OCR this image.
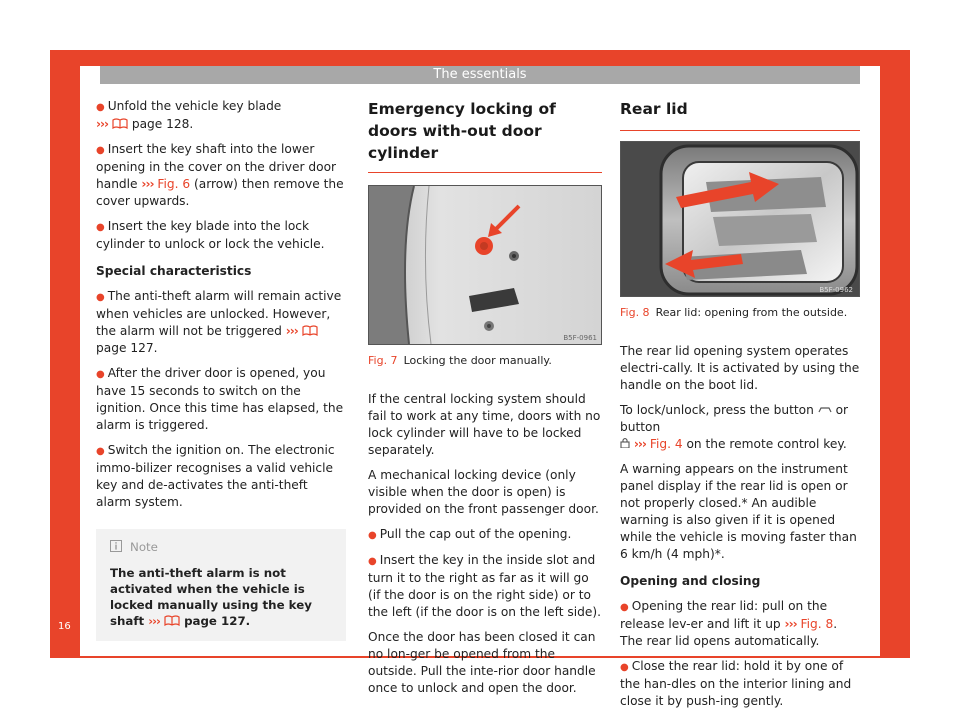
The essentials
16

● Unfold the vehicle key blade
››› page 128.

● Insert the key shaft into the lower opening in the cover on the driver door handle ››› Fig. 6 (arrow) then remove the cover upwards.

● Insert the key blade into the lock cylinder to unlock or lock the vehicle.

Special characteristics

● The anti-theft alarm will remain active when vehicles are unlocked. However, the alarm will not be triggered ›››  page 127.

● After the driver door is opened, you have 15 seconds to switch on the ignition. Once this time has elapsed, the alarm is triggered.

● Switch the ignition on. The electronic immo-bilizer recognises a valid vehicle key and de-activates the anti-theft alarm system.

Note
The anti-theft alarm is not activated when the vehicle is locked manually using the key shaft ››› page 127.
Emergency locking of doors with-out door cylinder
B5F-0961
Fig. 7 Locking the door manually.

If the central locking system should fail to work at any time, doors with no lock cylinder will have to be locked separately.

A mechanical locking device (only visible when the door is open) is provided on the front passenger door.

● Pull the cap out of the opening.

● Insert the key in the inside slot and turn it to the right as far as it will go (if the door is on the right side) or to the left (if the door is on the left side).

Once the door has been closed it can no lon-ger be opened from the outside. Pull the inte-rior door handle once to unlock and open the door.

Rear lid
B5F-0962
Fig. 8 Rear lid: opening from the outside.

The rear lid opening system operates electri-cally. It is activated by using the handle on the boot lid.

To lock/unlock, press the button or button
››› Fig. 4 on the remote control key.

A warning appears on the instrument panel display if the rear lid is open or not properly closed.* An audible warning is also given if it is opened while the vehicle is moving faster than 6 km/h (4 mph)*.

Opening and closing

● Opening the rear lid: pull on the release lev-er and lift it up ››› Fig. 8. The rear lid opens automatically.

● Close the rear lid: hold it by one of the han-dles on the interior lining and close it by push-ing gently.
